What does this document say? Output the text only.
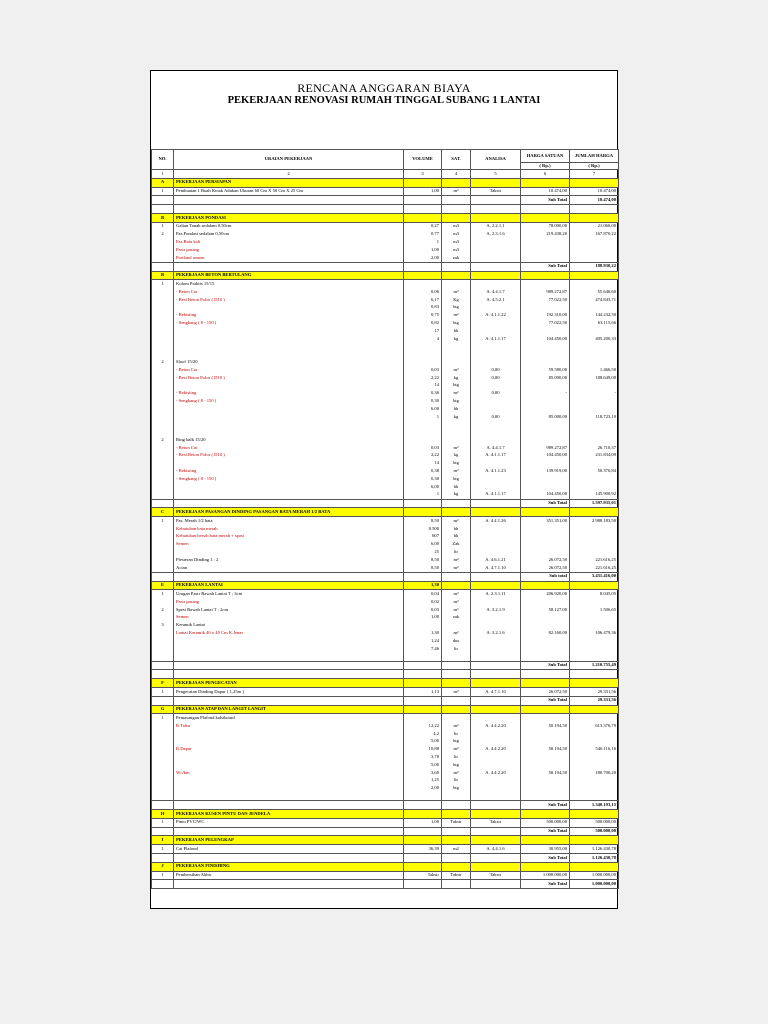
RENCANA ANGGARAN BIAYA
PEKERJAAN RENOVASI RUMAH TINGGAL SUBANG 1 LANTAI
NO.	URAIAN PEKERJAAN	VOLUME	SAT.	ANALISA	HARGA SATUAN	JUMLAH HARGA
					( Rp.)	( Rp.)
1	2	3	4	5	6	7
A	PEKERJAAN PERSIAPAN					
1	Pembuatan 1 Buah Kotak Adukan Ukuran 60 Cm X 50 Cm X 25 Cm	1,00	m²	Taksir	10.474,00	10.474,00
					Sub Total	10.474,00

B	PEKERJAAN PONDASI					
1	Galian Tanah sedalam 0,50cm	0,27	m3	A. 2.2.1.1	78.000,00	21.060,00
2	Pas.Pondasi sedalam 0,50cm	0,77	m3	A. 2.3.1.6	219.438,20	167.870,22
	Pas.Batu kali	1	m3			
	Pasir pasang	1,00	m3			
	Portland semen	2,00	zak			
					Sub Total	188.930,22
B	PEKERJAAN BETON BERTULANG					
1	Kolom Praktis 15/15					
	- Beton Cor	0,06	m³	A. 4.4.1.7	989.272,87	55.646,60
	- Besi Beton Polos ( D10 )	6,17	Kg	A. 4.5.2.1	77.022,50	474.843,71
		0,83	btg			
	- Bekisting	0,75	m²	A. 4.1.1.22	192.310,00	144.232,50
	- Sengkang ( 8 - 150 )	0,82	btg		77.022,50	63.115,66
		17	bh			
		4	kg	A. 4.1.1.17	104.450,00	405.200,33

2	Sloof 15/20					
	- Beton Cor	0,03	m³	0,00	59.580,00	1.466,50
	- Besi Beton Polos ( D10 )	2,22	kg	0,00	85.000,00	188.649,00
		14	btg			
	- Bekisting	0,36	m²	0,00	-	-
	- Sengkang ( 8 - 150 )	0,30	btg			
		6,00	bh			
		1	kg	0,00	85.000,00	118.723,10

2	Ring balk 15/20					
	- Beton Cor	0,03	m³	A. 4.4.1.7	989.272,87	26.710,37
	- Besi Beton Polos ( D10 )	2,22	kg	A. 4.1.1.17	104.450,00	231.834,09
		14	btg			
	- Bekisting	0,38	m²	A. 4.1.1.23	139.919,00	50.370,84
	- Sengkang ( 8 - 150 )	0,30	btg			
		6,00	bh			
		1	kg	A. 4.1.1.17	104.450,00	145.900,92
					Sub Total	1.597.935,01
C	PEKERJAAN PASANGAN DINDING PASANGAN BATA MERAH 1/2 BATA					
1	Pas. Merah 1/2 bata	8,50	m²	A. 4.4.1.26	351.351,00	2.988.183,50
	Kebutuhan bata merah	8.500	bh			
	Kebutuhan bersih bata merah + spasi	607	bh			
	Semen	6,00	Zak			
		25	ltr			
	Plesteran Dinding 1 : 2	8,50	m²	A. 4.6.1.21	26.072,50	221.616,25
	Acian	8,50	m²	A. 4.7.1.10	26.072,50	221.616,25
					Sub total	3.431.416,00
E	PEKERJAAN LANTAI	1,30				
1	Urugan Pasir Bawah Lantai T ; 3cm	0,04	m³	A. 2.3.1.11	206.920,00	8.045,05
	Pasir pasang	0,02	m³			
2	Spesi Bawah Lantai T ; 2cm	0,03	m³	A. 3.2.1.9	58.127,00	1.506,65
	Semen	1,00	zak			
3	Keramik Lantai					
	Lantai Keramik 40 x 40 Cm K.Jenar	1,30	m²	A. 3.2.1.6	82.160,00	106.479,36
		1,24	dus			
		7,46	ltr			

					Sub Total	1.210.755,49

F	PEKERJAAN PENGECATAN					
1	Pengecatan Dinding Dapur ( 1,25m )	1,13	m²	A. 4.7.1.10	26.072,50	29.331,56
					Sub Total	29.331,56
G	PEKERJAAN ATAP DAN LANGIT LANGIT					
1	Pemasangan Plafond kalsiboard					
	R.Tidur	12,22	m²	A. 4.4.2.20	50.194,50	613.376,79
		4,2	ltr			
		5,00	btg			
	R.Dapur	10,88	m²	A. 4.4.2.20	50.194,50	546.116,16
		3,78	ltr			
		5,00	btg			
	Wc/km	3,60	m²	A. 4.4.2.20	50.194,50	180.700,20
		1,25	ltr			
		2,00	btg			

					Sub Total	1.340.193,15
H	PEKERJAAN KUSEN PINTU DAN JENDELA					
1	Pintu PVC/WC	1,00	Taksir	Taksir	500.000,00	500.000,00
					Sub Total	500.000,00
I	PEKERJAAN PELENGKAP					
1	Cat Plafond	36,39	m2	A. 4.4.1.6	30.955,00	1.126.430,78
					Sub Total	1.126.430,78
J	PEKERJAAN FINISHING					
1	Pembersihan Akhir	Taksir	Taksir	Taksir	1.000.000,00	1.000.000,00
					Sub Total	1.000.000,00
